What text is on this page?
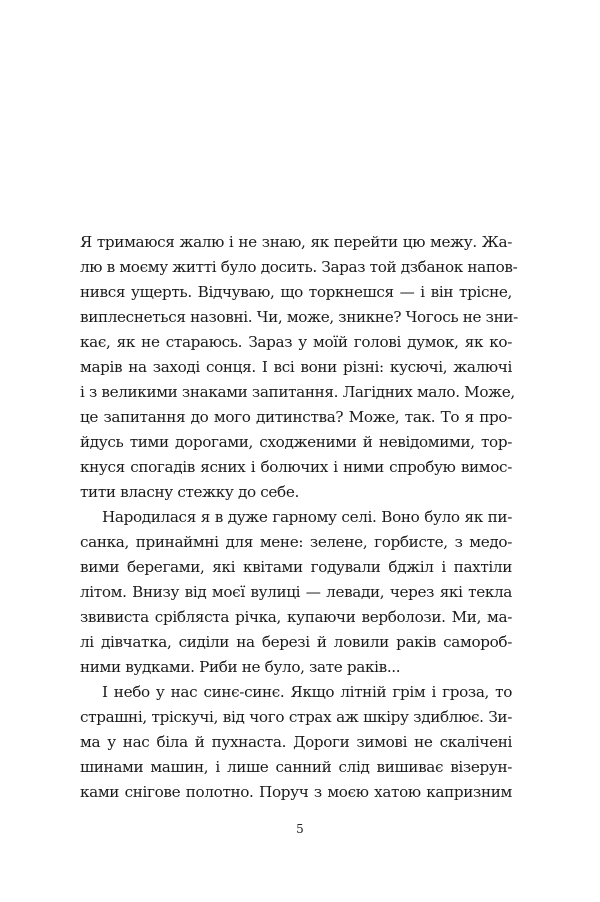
Я тримаюся жалю і не знаю, як перейти цю межу. Жа-
лю в моєму житті було досить. Зараз той дзбанок напов-
нився ущерть. Відчуваю, що торкнешся — і він трісне,
виплеснеться назовні. Чи, може, зникне? Чогось не зни-
кає, як не стараюсь. Зараз у моїй голові думок, як ко-
марів на заході сонця. І всі вони різні: кусючі, жалючі
і з великими знаками запитання. Лагідних мало. Може,
це запитання до мого дитинства? Може, так. То я про-
йдусь тими дорогами, сходженими й невідомими, тор-
кнуся спогадів ясних і болючих і ними спробую вимос-
тити власну стежку до себе.
Народилася я в дуже гарному селі. Воно було як пи-
санка, принаймні для мене: зелене, горбисте, з медо-
вими берегами, які квітами годували бджіл і пахтіли
літом. Внизу від моєї вулиці — левади, через які текла
звивиста срібляста річка, купаючи верболози. Ми, ма-
лі дівчатка, сиділи на березі й ловили раків самороб-
ними вудками. Риби не було, зате раків...
І небо у нас синє-синє. Якщо літній грім і гроза, то
страшні, тріскучі, від чого страх аж шкіру здиблює. Зи-
ма у нас біла й пухнаста. Дороги зимові не скалічені
шинами машин, і лише санний слід вишиває візерун-
ками снігове полотно. Поруч з моєю хатою капризним
5
